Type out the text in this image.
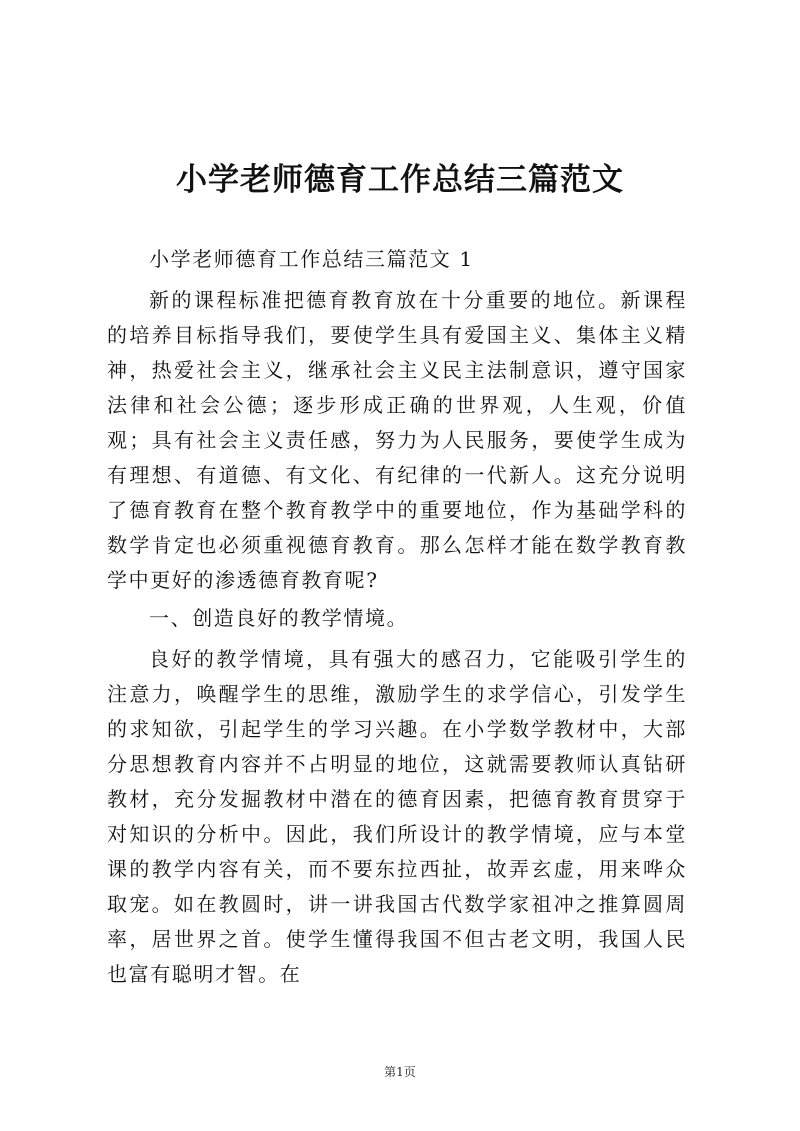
小学老师德育工作总结三篇范文

小学老师德育工作总结三篇范文 1

新的课程标准把德育教育放在十分重要的地位。新课程的培养目标指导我们，要使学生具有爱国主义、集体主义精神，热爱社会主义，继承社会主义民主法制意识，遵守国家法律和社会公德；逐步形成正确的世界观，人生观，价值观；具有社会主义责任感，努力为人民服务，要使学生成为有理想、有道德、有文化、有纪律的一代新人。这充分说明了德育教育在整个教育教学中的重要地位，作为基础学科的数学肯定也必须重视德育教育。那么怎样才能在数学教育教学中更好的渗透德育教育呢?

一、创造良好的教学情境。

良好的教学情境，具有强大的感召力，它能吸引学生的注意力，唤醒学生的思维，激励学生的求学信心，引发学生的求知欲，引起学生的学习兴趣。在小学数学教材中，大部分思想教育内容并不占明显的地位，这就需要教师认真钻研教材，充分发掘教材中潜在的德育因素，把德育教育贯穿于对知识的分析中。因此，我们所设计的教学情境，应与本堂课的教学内容有关，而不要东拉西扯，故弄玄虚，用来哗众取宠。如在教圆时，讲一讲我国古代数学家祖冲之推算圆周率，居世界之首。使学生懂得我国不但古老文明，我国人民也富有聪明才智。在

第1页
